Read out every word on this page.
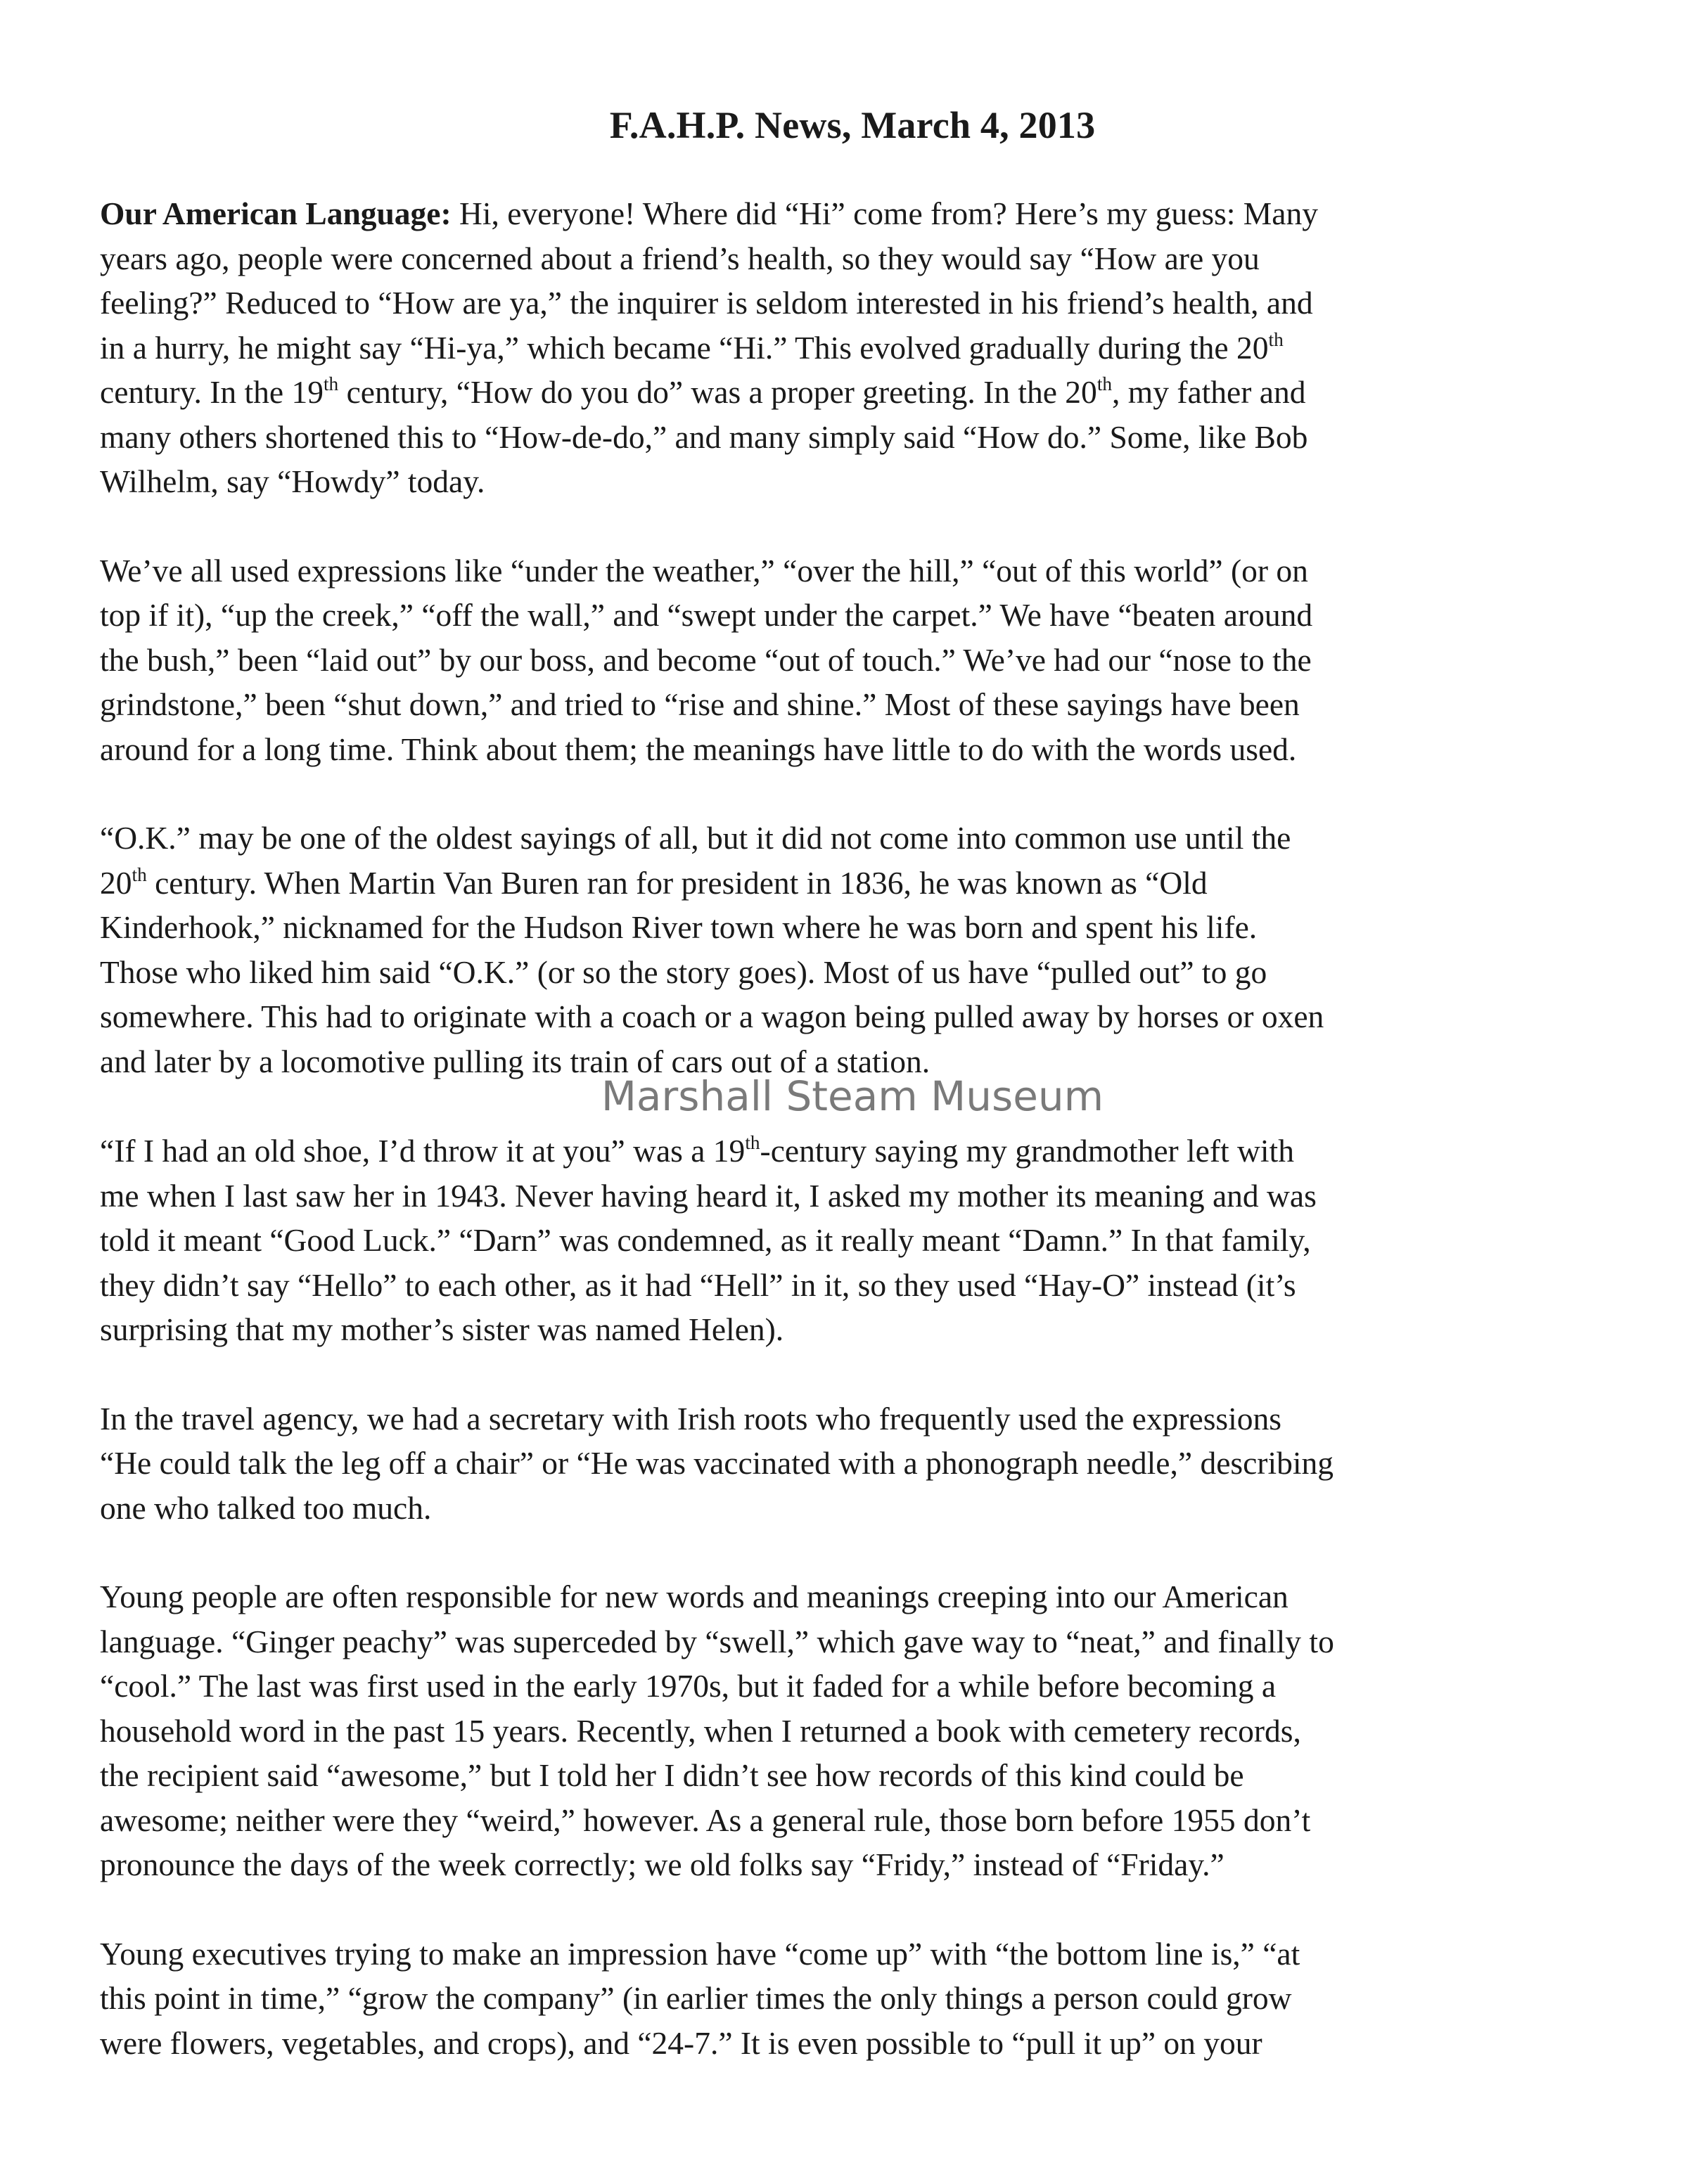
F.A.H.P. News, March 4, 2013

Our American Language: Hi, everyone! Where did “Hi” come from? Here’s my guess: Many
years ago, people were concerned about a friend’s health, so they would say “How are you
feeling?” Reduced to “How are ya,” the inquirer is seldom interested in his friend’s health, and
in a hurry, he might say “Hi-ya,” which became “Hi.” This evolved gradually during the 20th
century. In the 19th century, “How do you do” was a proper greeting. In the 20th, my father and
many others shortened this to “How-de-do,” and many simply said “How do.” Some, like Bob
Wilhelm, say “Howdy” today.

We’ve all used expressions like “under the weather,” “over the hill,” “out of this world” (or on
top if it), “up the creek,” “off the wall,” and “swept under the carpet.” We have “beaten around
the bush,” been “laid out” by our boss, and become “out of touch.” We’ve had our “nose to the
grindstone,” been “shut down,” and tried to “rise and shine.” Most of these sayings have been
around for a long time. Think about them; the meanings have little to do with the words used.

“O.K.” may be one of the oldest sayings of all, but it did not come into common use until the
20th century. When Martin Van Buren ran for president in 1836, he was known as “Old
Kinderhook,” nicknamed for the Hudson River town where he was born and spent his life.
Those who liked him said “O.K.” (or so the story goes). Most of us have “pulled out” to go
somewhere. This had to originate with a coach or a wagon being pulled away by horses or oxen
and later by a locomotive pulling its train of cars out of a station.

Marshall Steam Museum

“If I had an old shoe, I’d throw it at you” was a 19th-century saying my grandmother left with
me when I last saw her in 1943. Never having heard it, I asked my mother its meaning and was
told it meant “Good Luck.” “Darn” was condemned, as it really meant “Damn.” In that family,
they didn’t say “Hello” to each other, as it had “Hell” in it, so they used “Hay-O” instead (it’s
surprising that my mother’s sister was named Helen).

In the travel agency, we had a secretary with Irish roots who frequently used the expressions
“He could talk the leg off a chair” or “He was vaccinated with a phonograph needle,” describing
one who talked too much.

Young people are often responsible for new words and meanings creeping into our American
language. “Ginger peachy” was superceded by “swell,” which gave way to “neat,” and finally to
“cool.” The last was first used in the early 1970s, but it faded for a while before becoming a
household word in the past 15 years. Recently, when I returned a book with cemetery records,
the recipient said “awesome,” but I told her I didn’t see how records of this kind could be
awesome; neither were they “weird,” however. As a general rule, those born before 1955 don’t
pronounce the days of the week correctly; we old folks say “Fridy,” instead of “Friday.”

Young executives trying to make an impression have “come up” with “the bottom line is,” “at
this point in time,” “grow the company” (in earlier times the only things a person could grow
were flowers, vegetables, and crops), and “24-7.” It is even possible to “pull it up” on your
